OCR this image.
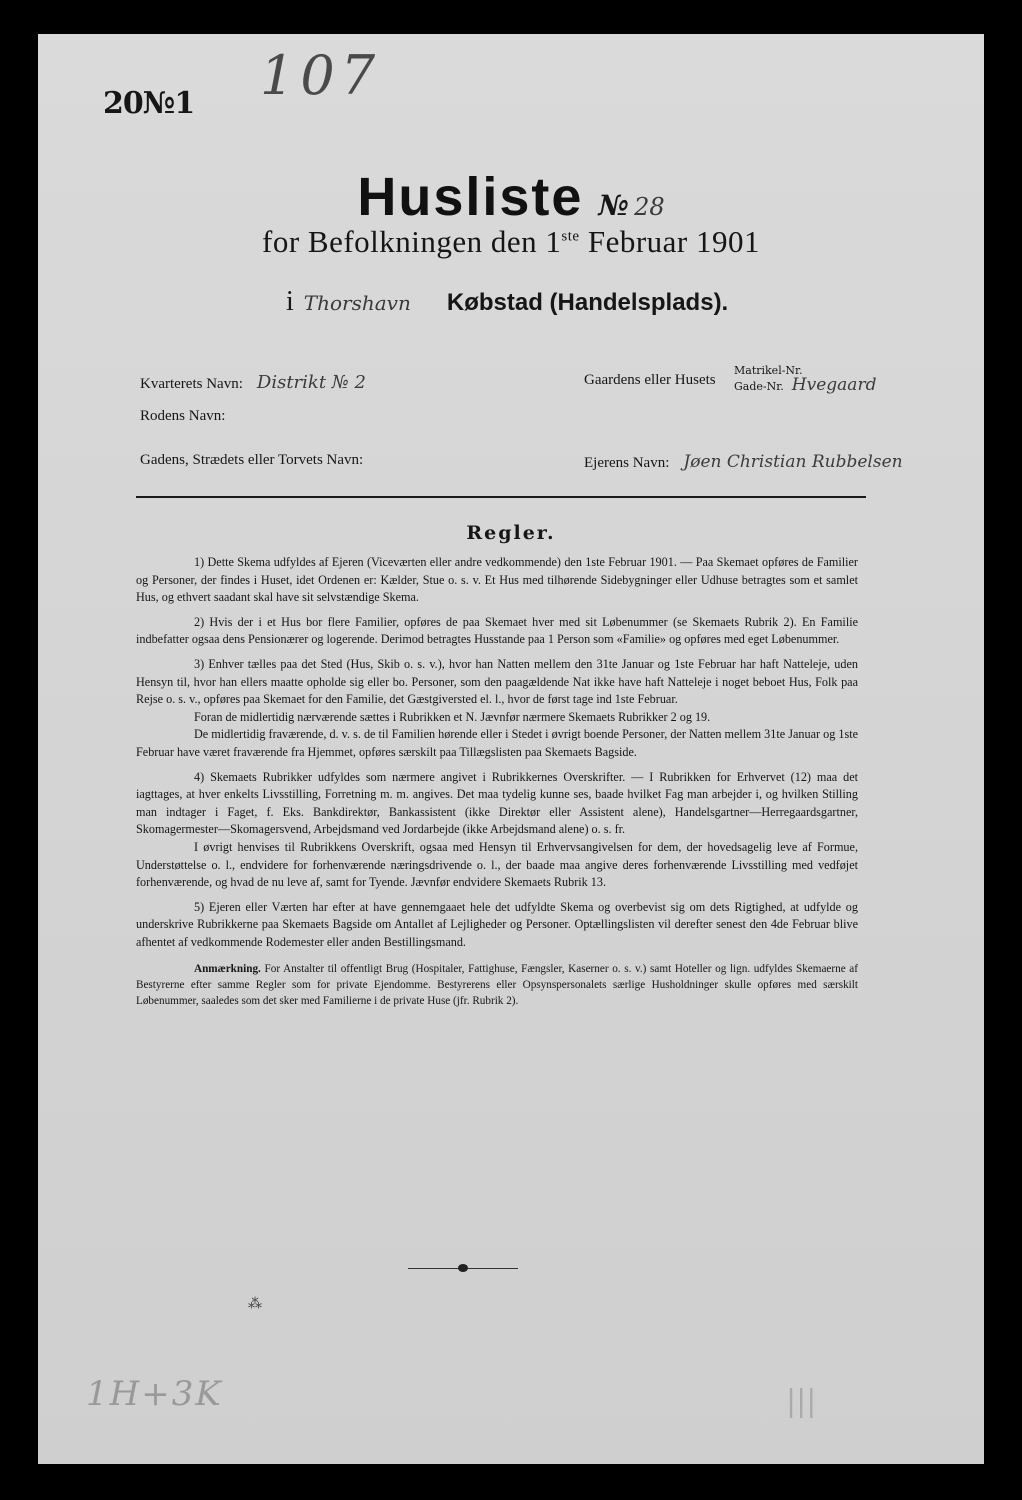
20№1 107
Husliste № 28
for Befolkningen den 1ste Februar 1901
i Thorshavn Købstad (Handelsplads).
Kvarterets Navn: Distrikt № 2
Rodens Navn:
Gadens, Strædets eller Torvets Navn:
Gaardens eller Husets
Matrikel-Nr.
Gade-Nr. Hvegaard
Ejerens Navn: Jøen Christian Rubbelsen
Regler.

1) Dette Skema udfyldes af Ejeren (Viceværten eller andre vedkommende) den 1ste Februar 1901. — Paa Skemaet opføres de Familier og Personer, der findes i Huset, idet Ordenen er: Kælder, Stue o. s. v. Et Hus med tilhørende Sidebygninger eller Udhuse betragtes som et samlet Hus, og ethvert saadant skal have sit selvstændige Skema.

2) Hvis der i et Hus bor flere Familier, opføres de paa Skemaet hver med sit Løbenummer (se Skemaets Rubrik 2). En Familie indbefatter ogsaa dens Pensionærer og logerende. Derimod betragtes Husstande paa 1 Person som «Familie» og opføres med eget Løbenummer.

3) Enhver tælles paa det Sted (Hus, Skib o. s. v.), hvor han Natten mellem den 31te Januar og 1ste Februar har haft Natteleje, uden Hensyn til, hvor han ellers maatte opholde sig eller bo. Personer, som den paagældende Nat ikke have haft Natteleje i noget beboet Hus, Folk paa Rejse o. s. v., opføres paa Skemaet for den Familie, det Gæstgiversted el. l., hvor de først tage ind 1ste Februar.

Foran de midlertidig nærværende sættes i Rubrikken et N. Jævnfør nærmere Skemaets Rubrikker 2 og 19.

De midlertidig fraværende, d. v. s. de til Familien hørende eller i Stedet i øvrigt boende Personer, der Natten mellem 31te Januar og 1ste Februar have været fraværende fra Hjemmet, opføres særskilt paa Tillægslisten paa Skemaets Bagside.

4) Skemaets Rubrikker udfyldes som nærmere angivet i Rubrikkernes Overskrifter. — I Rubrikken for Erhvervet (12) maa det iagttages, at hver enkelts Livsstilling, Forretning m. m. angives. Det maa tydelig kunne ses, baade hvilket Fag man arbejder i, og hvilken Stilling man indtager i Faget, f. Eks. Bankdirektør, Bankassistent (ikke Direktør eller Assistent alene), Handelsgartner—Herregaardsgartner, Skomagermester—Skomagersvend, Arbejdsmand ved Jordarbejde (ikke Arbejdsmand alene) o. s. fr.

I øvrigt henvises til Rubrikkens Overskrift, ogsaa med Hensyn til Erhvervsangivelsen for dem, der hovedsagelig leve af Formue, Understøttelse o. l., endvidere for forhenværende næringsdrivende o. l., der baade maa angive deres forhenværende Livsstilling med vedføjet forhenværende, og hvad de nu leve af, samt for Tyende. Jævnfør endvidere Skemaets Rubrik 13.

5) Ejeren eller Værten har efter at have gennemgaaet hele det udfyldte Skema og overbevist sig om dets Rigtighed, at udfylde og underskrive Rubrikkerne paa Skemaets Bagside om Antallet af Lejligheder og Personer. Optællingslisten vil derefter senest den 4de Februar blive afhentet af vedkommende Rodemester eller anden Bestillingsmand.

Anmærkning. For Anstalter til offentligt Brug (Hospitaler, Fattighuse, Fængsler, Kaserner o. s. v.) samt Hoteller og lign. udfyldes Skemaerne af Bestyrerne efter samme Regler som for private Ejendomme. Bestyrerens eller Opsynspersonalets særlige Husholdninger skulle opføres med særskilt Løbenummer, saaledes som det sker med Familierne i de private Huse (jfr. Rubrik 2).

⁂
1H+3K	|||
